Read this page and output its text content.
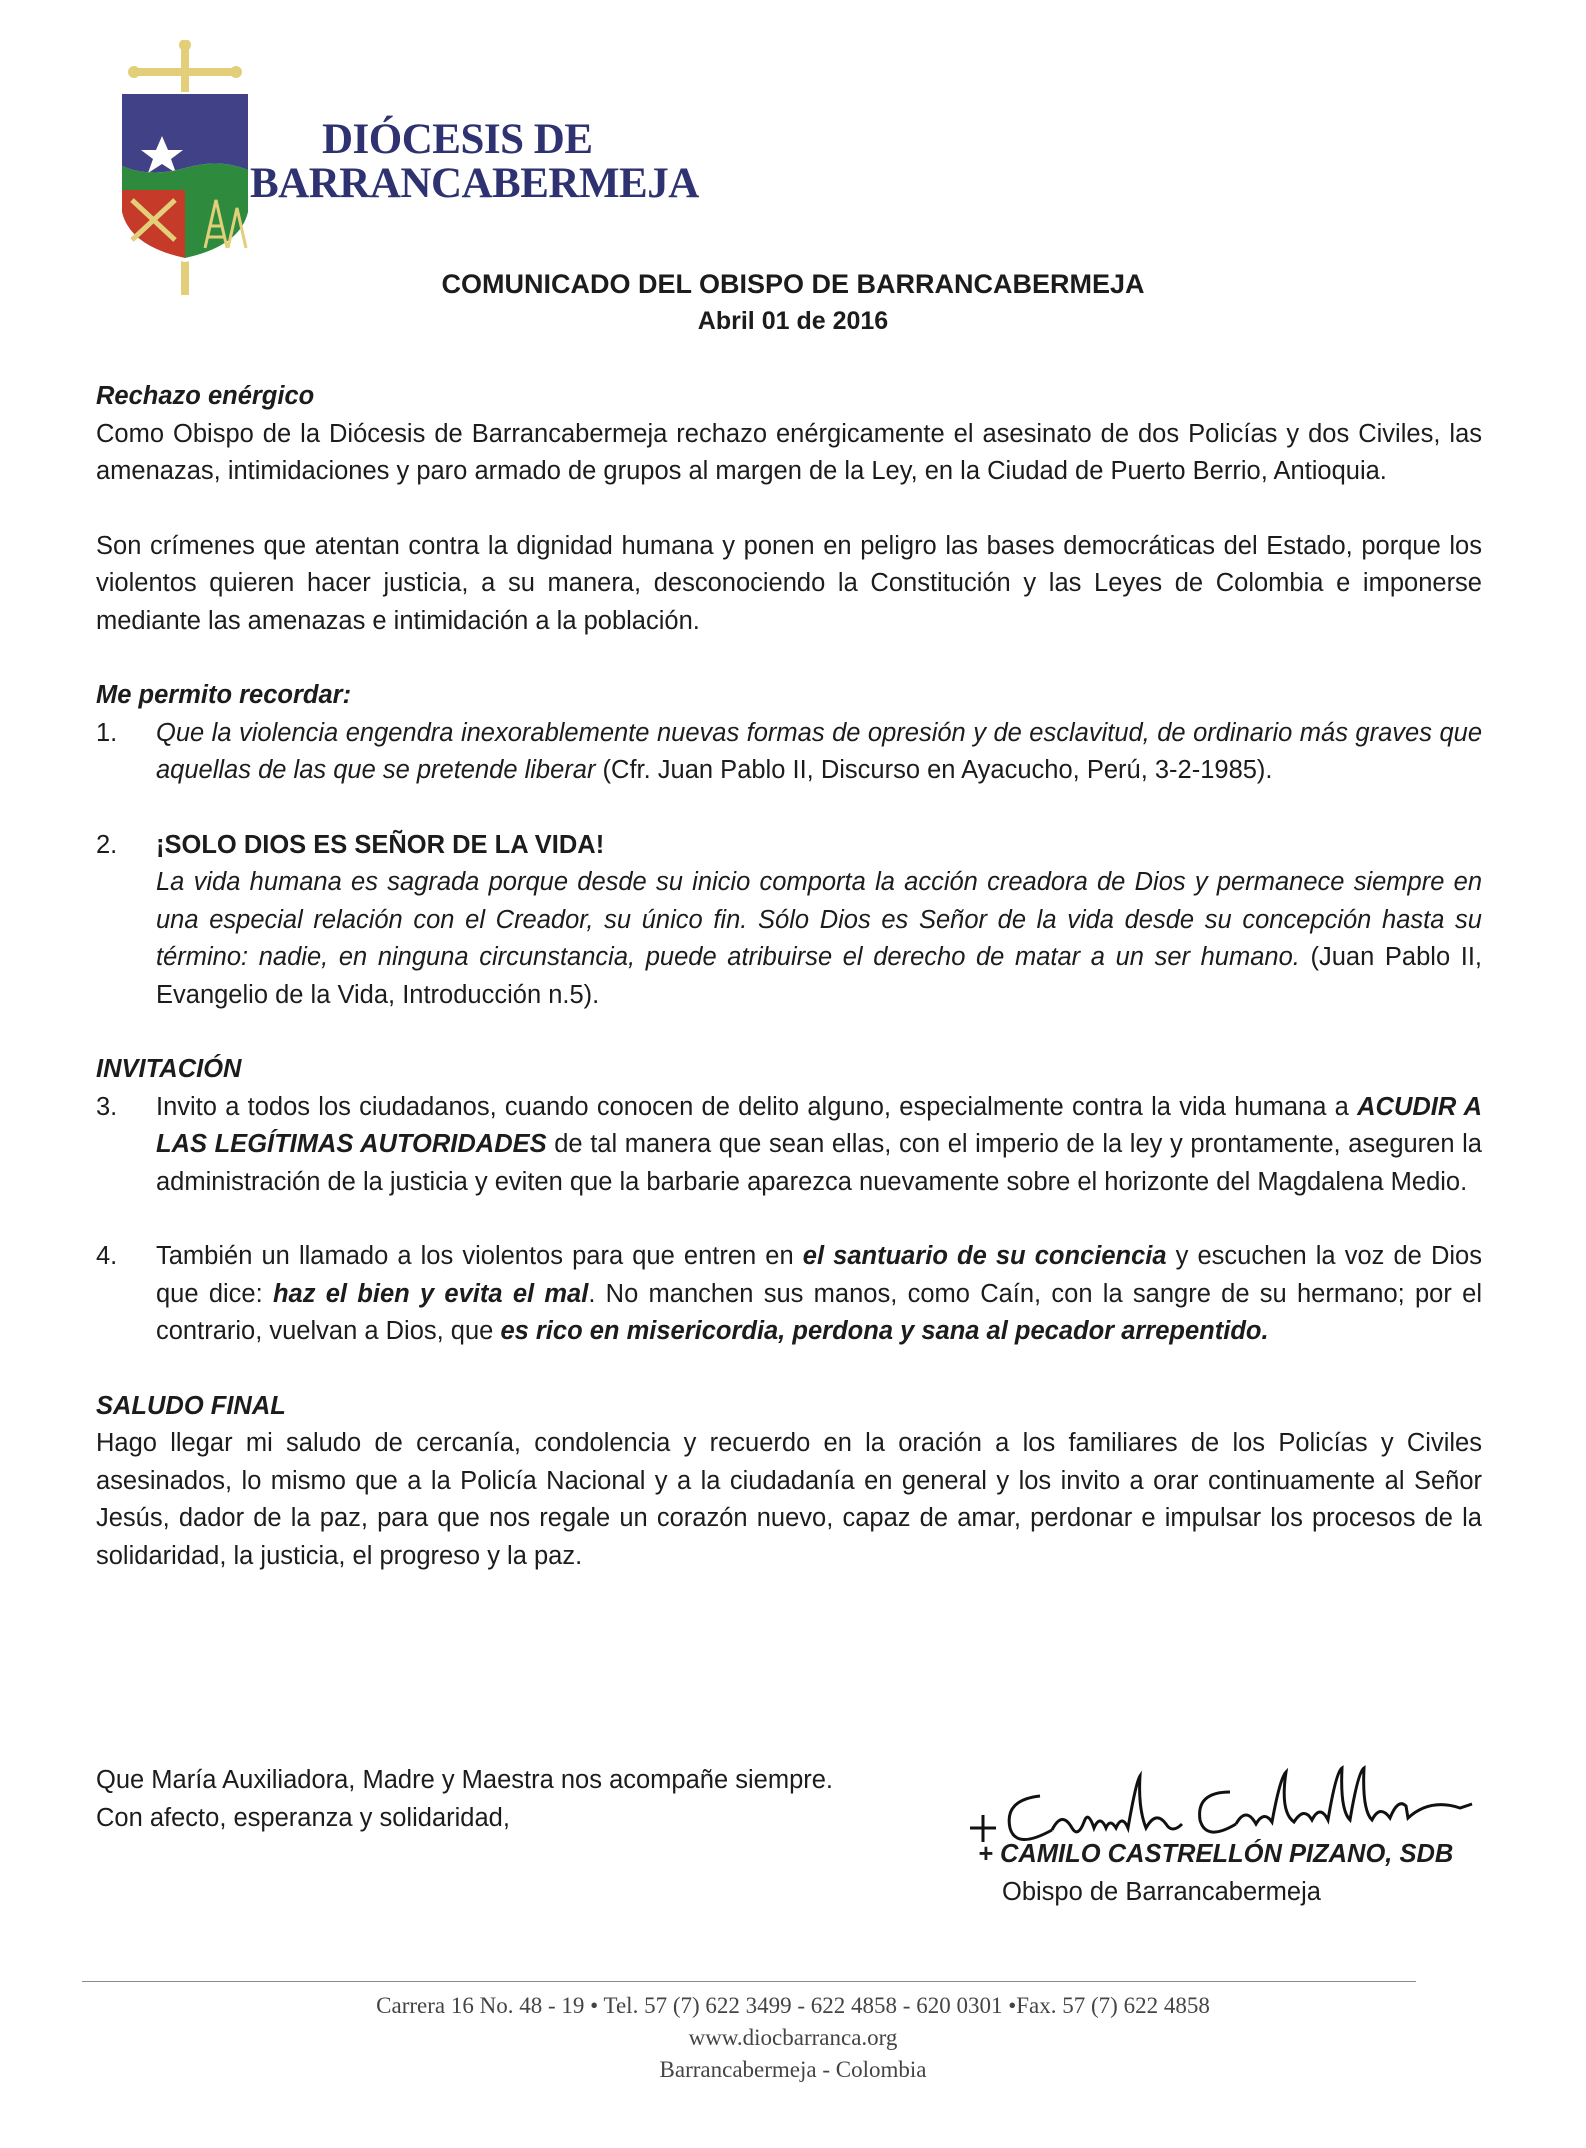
DIÓCESIS DE
BARRANCABERMEJA
COMUNICADO DEL OBISPO DE BARRANCABERMEJA
Abril 01 de 2016

Rechazo enérgico

Como Obispo de la Diócesis de Barrancabermeja rechazo enérgicamente el asesinato de dos Policías y dos Civiles, las amenazas, intimidaciones y paro armado de grupos al margen de la Ley, en la Ciudad de Puerto Berrio, Antioquia.

Son crímenes que atentan contra la dignidad humana y ponen en peligro las bases democráticas del Estado, porque los violentos quieren hacer justicia, a su manera, desconociendo la Constitución y las Leyes de Colombia e imponerse mediante las amenazas e intimidación a la población.

Me permito recordar:

1.	Que la violencia engendra inexorablemente nuevas formas de opresión y de esclavitud, de ordinario más graves que aquellas de las que se pretende liberar (Cfr. Juan Pablo II, Discurso en Ayacucho, Perú, 3-2-1985).
2.	¡SOLO DIOS ES SEÑOR DE LA VIDA!
La vida humana es sagrada porque desde su inicio comporta la acción creadora de Dios y permanece siempre en una especial relación con el Creador, su único fin. Sólo Dios es Señor de la vida desde su concepción hasta su término: nadie, en ninguna circunstancia, puede atribuirse el derecho de matar a un ser humano. (Juan Pablo II, Evangelio de la Vida, Introducción n.5).

INVITACIÓN

3.	Invito a todos los ciudadanos, cuando conocen de delito alguno, especialmente contra la vida humana a ACUDIR A LAS LEGÍTIMAS AUTORIDADES de tal manera que sean ellas, con el imperio de la ley y prontamente, aseguren la administración de la justicia y eviten que la barbarie aparezca nuevamente sobre el horizonte del Magdalena Medio.
4.	También un llamado a los violentos para que entren en el santuario de su conciencia y escuchen la voz de Dios que dice: haz el bien y evita el mal. No manchen sus manos, como Caín, con la sangre de su hermano; por el contrario, vuelvan a Dios, que es rico en misericordia, perdona y sana al pecador arrepentido.

SALUDO FINAL

Hago llegar mi saludo de cercanía, condolencia y recuerdo en la oración a los familiares de los Policías y Civiles asesinados, lo mismo que a la Policía Nacional y a la ciudadanía en general y los invito a orar continuamente al Señor Jesús, dador de la paz, para que nos regale un corazón nuevo, capaz de amar, perdonar e impulsar los procesos de la solidaridad, la justicia, el progreso y la paz.

Que María Auxiliadora, Madre y Maestra nos acompañe siempre.
Con afecto, esperanza y solidaridad,
+ CAMILO CASTRELLÓN PIZANO, SDB
Obispo de Barrancabermeja
Carrera 16 No. 48 - 19 • Tel. 57 (7) 622 3499 - 622 4858 - 620 0301 •Fax. 57 (7) 622 4858
www.diocbarranca.org
Barrancabermeja - Colombia
